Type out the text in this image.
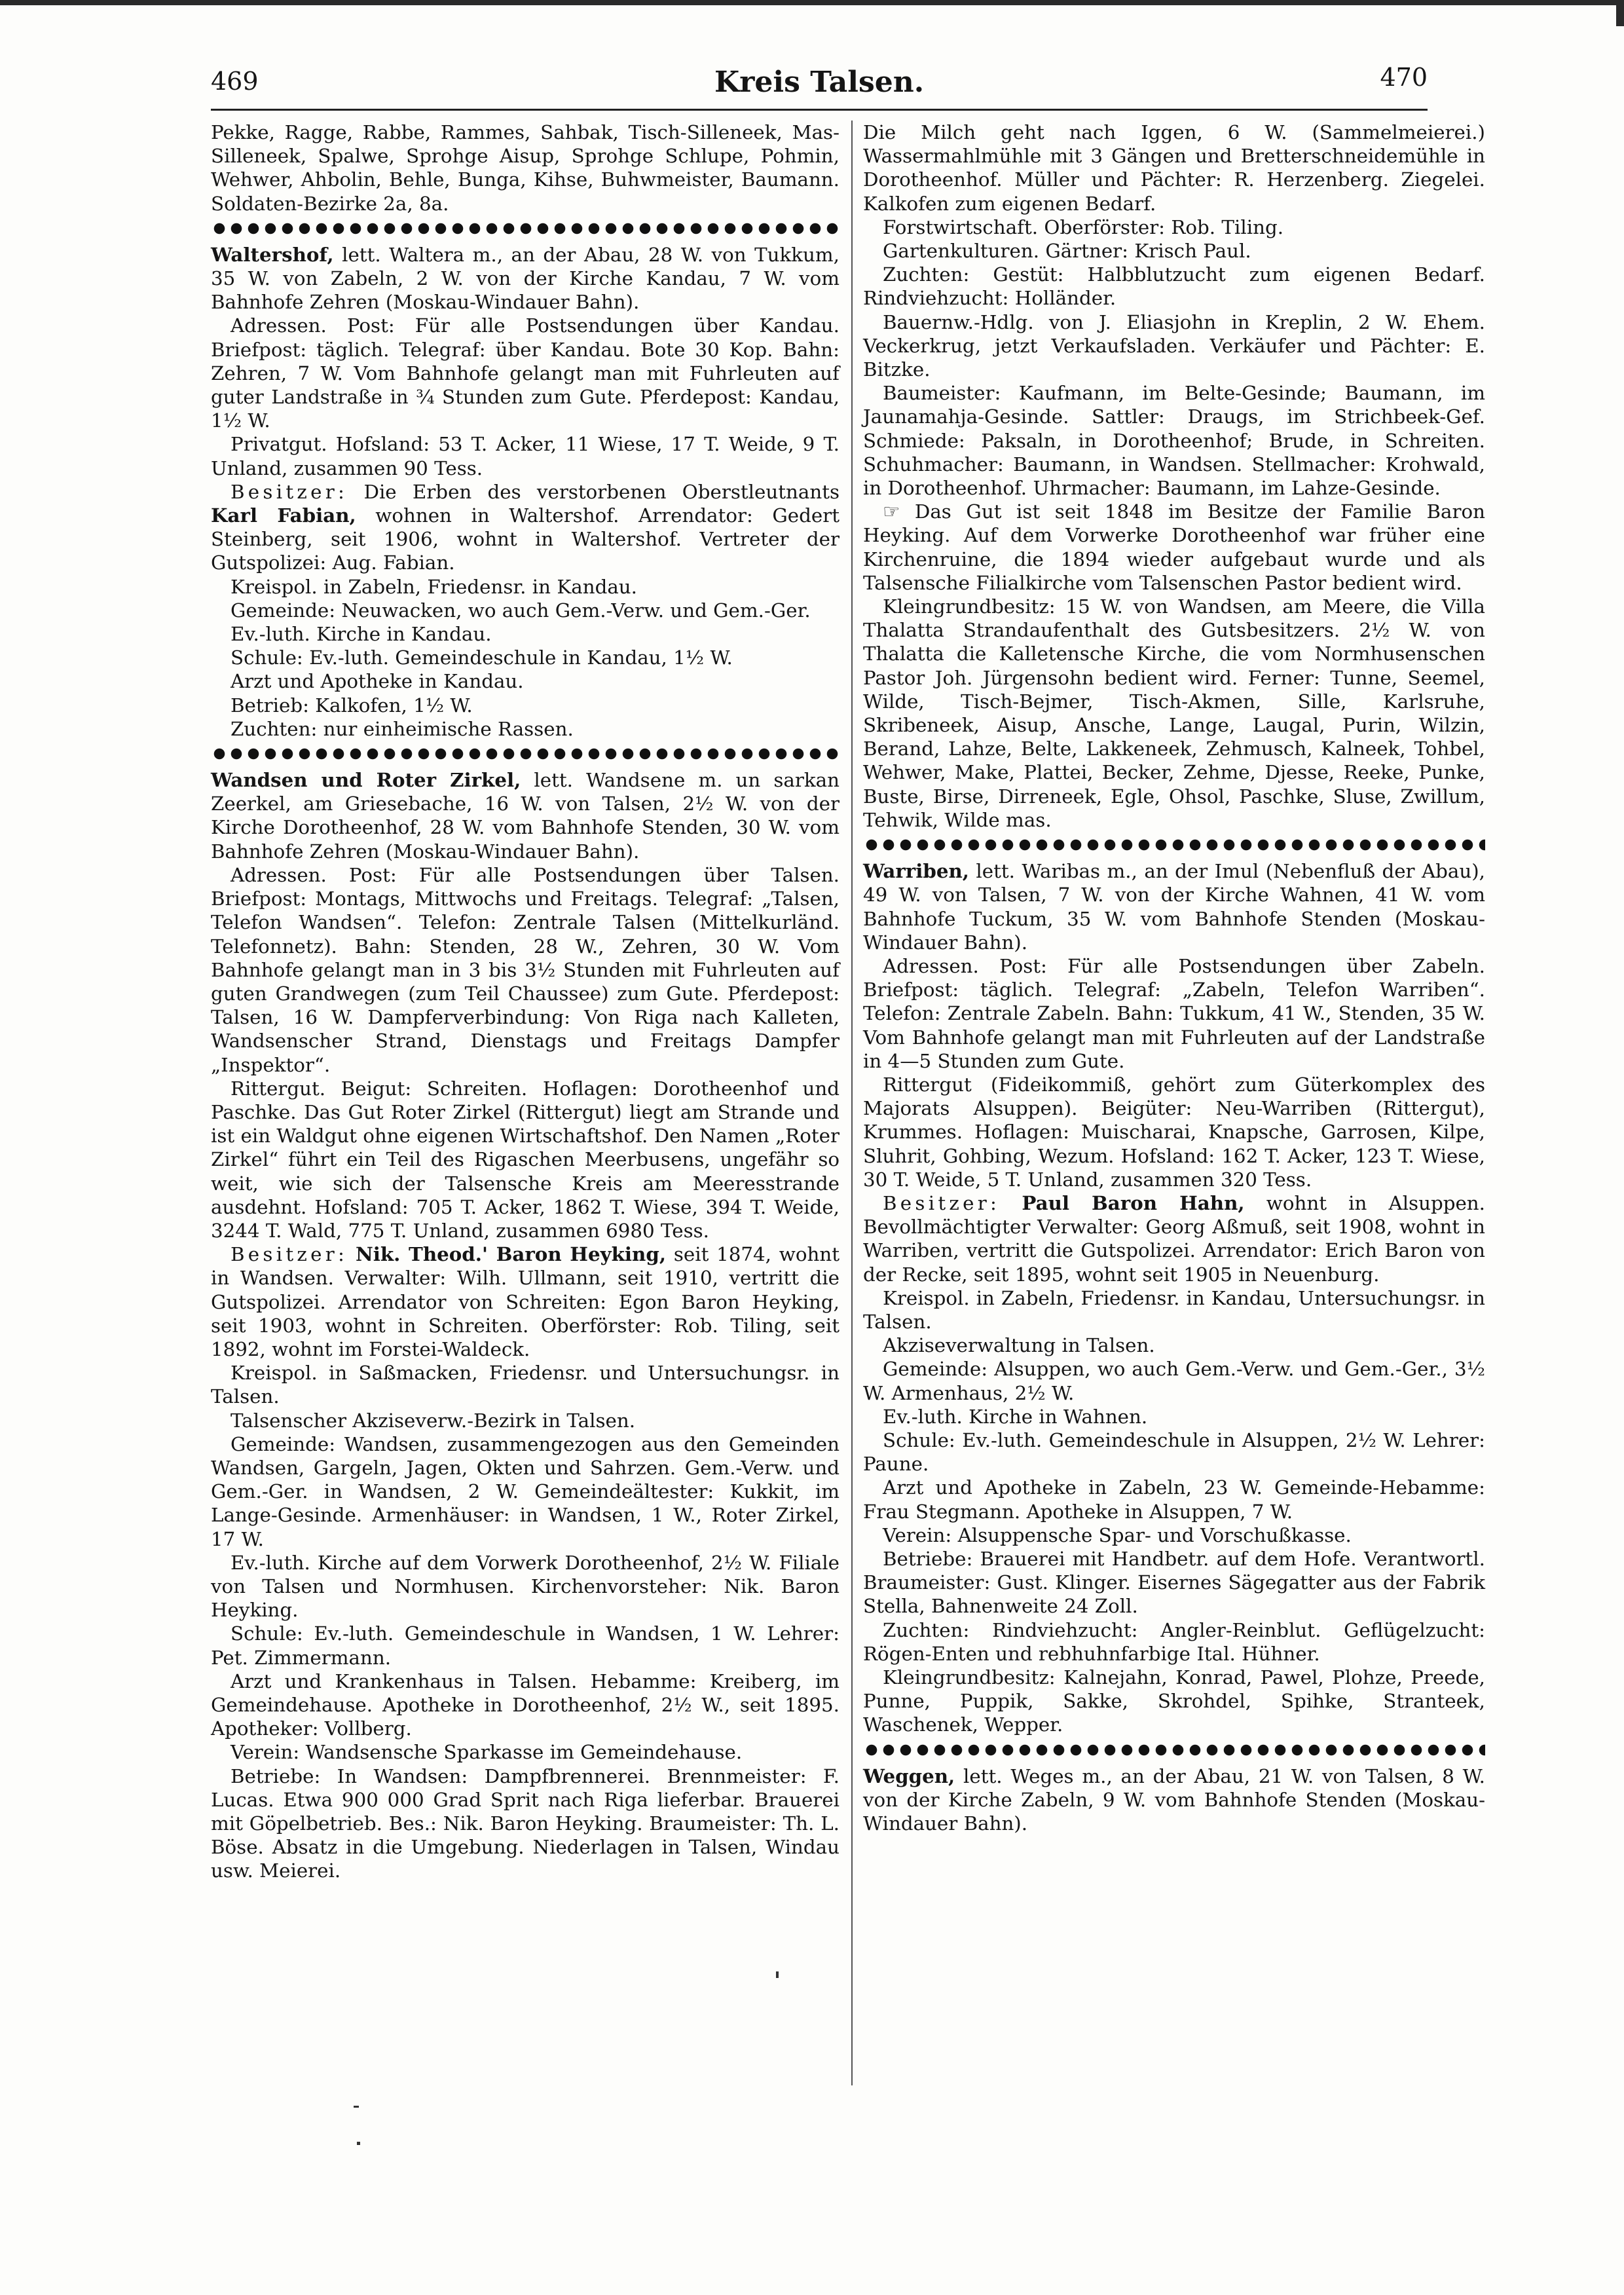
469	Kreis Talsen.	470

Pekke, Ragge, Rabbe, Rammes, Sahbak, Tisch-Silleneek, Mas-Silleneek, Spalwe, Sprohge Aisup, Sprohge Schlupe, Pohmin, Wehwer, Ahbolin, Behle, Bunga, Kihse, Buhwmeister, Baumann. Soldaten-Bezirke 2a, 8a.

Waltershof, lett. Waltera m., an der Abau, 28 W. von Tukkum, 35 W. von Zabeln, 2 W. von der Kirche Kandau, 7 W. vom Bahnhofe Zehren (Moskau-Windauer Bahn).

Adressen. Post: Für alle Postsendungen über Kandau. Briefpost: täglich. Telegraf: über Kandau. Bote 30 Kop. Bahn: Zehren, 7 W. Vom Bahnhofe gelangt man mit Fuhrleuten auf guter Landstraße in ¾ Stunden zum Gute. Pferdepost: Kandau, 1½ W.

Privatgut. Hofsland: 53 T. Acker, 11 Wiese, 17 T. Weide, 9 T. Unland, zusammen 90 Tess.

Besitzer: Die Erben des verstorbenen Oberstleutnants Karl Fabian, wohnen in Waltershof. Arrendator: Gedert Steinberg, seit 1906, wohnt in Waltershof. Vertreter der Gutspolizei: Aug. Fabian.

Kreispol. in Zabeln, Friedensr. in Kandau.

Gemeinde: Neuwacken, wo auch Gem.-Verw. und Gem.-Ger.

Ev.-luth. Kirche in Kandau.

Schule: Ev.-luth. Gemeindeschule in Kandau, 1½ W.

Arzt und Apotheke in Kandau.

Betrieb: Kalkofen, 1½ W.

Zuchten: nur einheimische Rassen.

Wandsen und Roter Zirkel, lett. Wandsene m. un sarkan Zeerkel, am Griesebache, 16 W. von Talsen, 2½ W. von der Kirche Dorotheenhof, 28 W. vom Bahnhofe Stenden, 30 W. vom Bahnhofe Zehren (Moskau-Windauer Bahn).

Adressen. Post: Für alle Postsendungen über Talsen. Briefpost: Montags, Mittwochs und Freitags. Telegraf: „Talsen, Telefon Wandsen“. Telefon: Zentrale Talsen (Mittelkurländ. Telefonnetz). Bahn: Stenden, 28 W., Zehren, 30 W. Vom Bahnhofe gelangt man in 3 bis 3½ Stunden mit Fuhrleuten auf guten Grandwegen (zum Teil Chaussee) zum Gute. Pferdepost: Talsen, 16 W. Dampferverbindung: Von Riga nach Kalleten, Wandsenscher Strand, Dienstags und Freitags Dampfer „Inspektor“.

Rittergut. Beigut: Schreiten. Hoflagen: Dorotheenhof und Paschke. Das Gut Roter Zirkel (Rittergut) liegt am Strande und ist ein Waldgut ohne eigenen Wirtschaftshof. Den Namen „Roter Zirkel“ führt ein Teil des Rigaschen Meerbusens, ungefähr so weit, wie sich der Talsensche Kreis am Meeresstrande ausdehnt. Hofsland: 705 T. Acker, 1862 T. Wiese, 394 T. Weide, 3244 T. Wald, 775 T. Unland, zusammen 6980 Tess.

Besitzer: Nik. Theod.' Baron Heyking, seit 1874, wohnt in Wandsen. Verwalter: Wilh. Ullmann, seit 1910, vertritt die Gutspolizei. Arrendator von Schreiten: Egon Baron Heyking, seit 1903, wohnt in Schreiten. Oberförster: Rob. Tiling, seit 1892, wohnt im Forstei-Waldeck.

Kreispol. in Saßmacken, Friedensr. und Untersuchungsr. in Talsen.

Talsenscher Akziseverw.-Bezirk in Talsen.

Gemeinde: Wandsen, zusammengezogen aus den Gemeinden Wandsen, Gargeln, Jagen, Okten und Sahrzen. Gem.-Verw. und Gem.-Ger. in Wandsen, 2 W. Gemeindeältester: Kukkit, im Lange-Gesinde. Armenhäuser: in Wandsen, 1 W., Roter Zirkel, 17 W.

Ev.-luth. Kirche auf dem Vorwerk Dorotheenhof, 2½ W. Filiale von Talsen und Normhusen. Kirchenvorsteher: Nik. Baron Heyking.

Schule: Ev.-luth. Gemeindeschule in Wandsen, 1 W. Lehrer: Pet. Zimmermann.

Arzt und Krankenhaus in Talsen. Hebamme: Kreiberg, im Gemeindehause. Apotheke in Dorotheenhof, 2½ W., seit 1895. Apotheker: Vollberg.

Verein: Wandsensche Sparkasse im Gemeindehause.

Betriebe: In Wandsen: Dampfbrennerei. Brennmeister: F. Lucas. Etwa 900 000 Grad Sprit nach Riga lieferbar. Brauerei mit Göpelbetrieb. Bes.: Nik. Baron Heyking. Braumeister: Th. L. Böse. Absatz in die Umgebung. Niederlagen in Talsen, Windau usw. Meierei.

Die Milch geht nach Iggen, 6 W. (Sammelmeierei.) Wassermahlmühle mit 3 Gängen und Bretterschneidemühle in Dorotheenhof. Müller und Pächter: R. Herzenberg. Ziegelei. Kalkofen zum eigenen Bedarf.

Forstwirtschaft. Oberförster: Rob. Tiling.

Gartenkulturen. Gärtner: Krisch Paul.

Zuchten: Gestüt: Halbblutzucht zum eigenen Bedarf. Rindviehzucht: Holländer.

Bauernw.-Hdlg. von J. Eliasjohn in Kreplin, 2 W. Ehem. Veckerkrug, jetzt Verkaufsladen. Verkäufer und Pächter: E. Bitzke.

Baumeister: Kaufmann, im Belte-Gesinde; Baumann, im Jaunamahja-Gesinde. Sattler: Draugs, im Strichbeek-Gef. Schmiede: Paksaln, in Dorotheenhof; Brude, in Schreiten. Schuhmacher: Baumann, in Wandsen. Stellmacher: Krohwald, in Dorotheenhof. Uhrmacher: Baumann, im Lahze-Gesinde.

☞ Das Gut ist seit 1848 im Besitze der Familie Baron Heyking. Auf dem Vorwerke Dorotheenhof war früher eine Kirchenruine, die 1894 wieder aufgebaut wurde und als Talsensche Filialkirche vom Talsenschen Pastor bedient wird.

Kleingrundbesitz: 15 W. von Wandsen, am Meere, die Villa Thalatta Strandaufenthalt des Gutsbesitzers. 2½ W. von Thalatta die Kalletensche Kirche, die vom Normhusenschen Pastor Joh. Jürgensohn bedient wird. Ferner: Tunne, Seemel, Wilde, Tisch-Bejmer, Tisch-Akmen, Sille, Karlsruhe, Skribeneek, Aisup, Ansche, Lange, Laugal, Purin, Wilzin, Berand, Lahze, Belte, Lakkeneek, Zehmusch, Kalneek, Tohbel, Wehwer, Make, Plattei, Becker, Zehme, Djesse, Reeke, Punke, Buste, Birse, Dirreneek, Egle, Ohsol, Paschke, Sluse, Zwillum, Tehwik, Wilde mas.

Warriben, lett. Waribas m., an der Imul (Nebenfluß der Abau), 49 W. von Talsen, 7 W. von der Kirche Wahnen, 41 W. vom Bahnhofe Tuckum, 35 W. vom Bahnhofe Stenden (Moskau-Windauer Bahn).

Adressen. Post: Für alle Postsendungen über Zabeln. Briefpost: täglich. Telegraf: „Zabeln, Telefon Warriben“. Telefon: Zentrale Zabeln. Bahn: Tukkum, 41 W., Stenden, 35 W. Vom Bahnhofe gelangt man mit Fuhrleuten auf der Landstraße in 4—5 Stunden zum Gute.

Rittergut (Fideikommiß, gehört zum Güterkomplex des Majorats Alsuppen). Beigüter: Neu-Warriben (Rittergut), Krummes. Hoflagen: Muischarai, Knapsche, Garrosen, Kilpe, Sluhrit, Gohbing, Wezum. Hofsland: 162 T. Acker, 123 T. Wiese, 30 T. Weide, 5 T. Unland, zusammen 320 Tess.

Besitzer: Paul Baron Hahn, wohnt in Alsuppen. Bevollmächtigter Verwalter: Georg Aßmuß, seit 1908, wohnt in Warriben, vertritt die Gutspolizei. Arrendator: Erich Baron von der Recke, seit 1895, wohnt seit 1905 in Neuenburg.

Kreispol. in Zabeln, Friedensr. in Kandau, Untersuchungsr. in Talsen.

Akziseverwaltung in Talsen.

Gemeinde: Alsuppen, wo auch Gem.-Verw. und Gem.-Ger., 3½ W. Armenhaus, 2½ W.

Ev.-luth. Kirche in Wahnen.

Schule: Ev.-luth. Gemeindeschule in Alsuppen, 2½ W. Lehrer: Paune.

Arzt und Apotheke in Zabeln, 23 W. Gemeinde-Hebamme: Frau Stegmann. Apotheke in Alsuppen, 7 W.

Verein: Alsuppensche Spar- und Vorschußkasse.

Betriebe: Brauerei mit Handbetr. auf dem Hofe. Verantwortl. Braumeister: Gust. Klinger. Eisernes Sägegatter aus der Fabrik Stella, Bahnenweite 24 Zoll.

Zuchten: Rindviehzucht: Angler-Reinblut. Geflügelzucht: Rögen-Enten und rebhuhnfarbige Ital. Hühner.

Kleingrundbesitz: Kalnejahn, Konrad, Pawel, Plohze, Preede, Punne, Puppik, Sakke, Skrohdel, Spihke, Stranteek, Waschenek, Wepper.

Weggen, lett. Weges m., an der Abau, 21 W. von Talsen, 8 W. von der Kirche Zabeln, 9 W. vom Bahnhofe Stenden (Moskau-Windauer Bahn).
